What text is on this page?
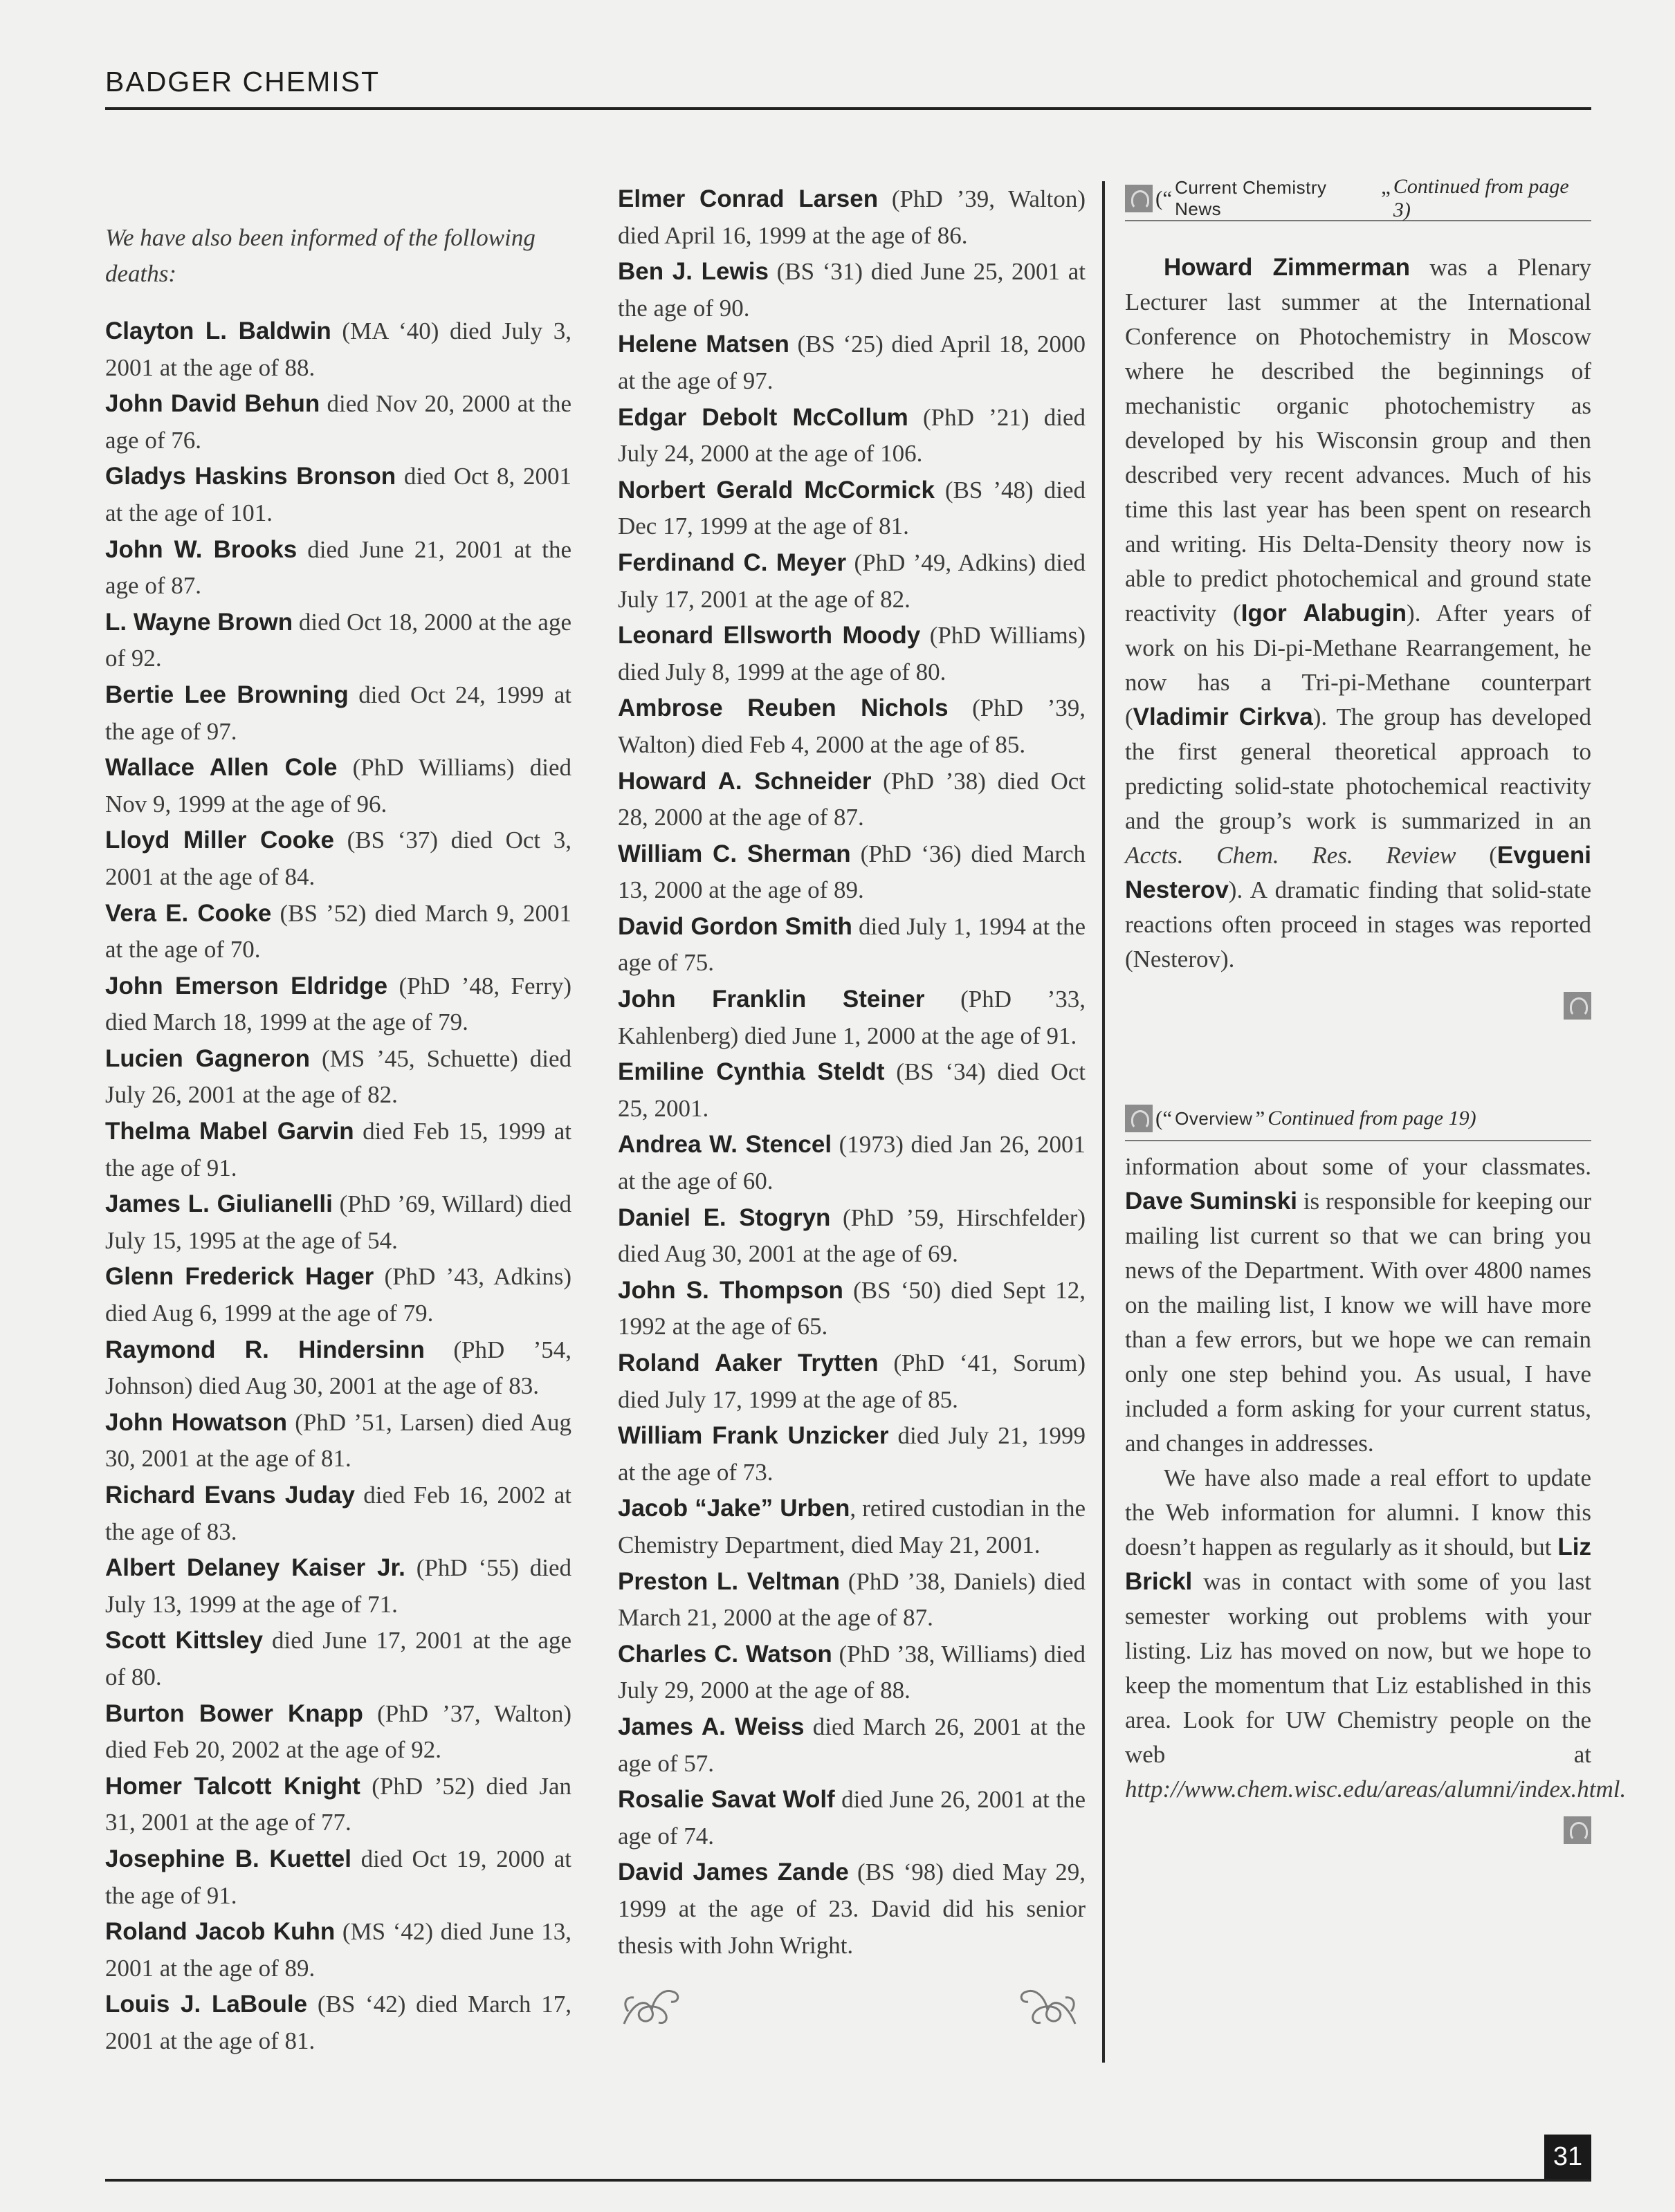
BADGER CHEMIST
We have also been informed of the following deaths:
Clayton L. Baldwin (MA ‘40) died July 3, 2001 at the age of 88.
John David Behun died Nov 20, 2000 at the age of 76.
Gladys Haskins Bronson died Oct 8, 2001 at the age of 101.
John W. Brooks died June 21, 2001 at the age of 87.
L. Wayne Brown died Oct 18, 2000 at the age of 92.
Bertie Lee Browning died Oct 24, 1999 at the age of 97.
Wallace Allen Cole (PhD Williams) died Nov 9, 1999 at the age of 96.
Lloyd Miller Cooke (BS ‘37) died Oct 3, 2001 at the age of 84.
Vera E. Cooke (BS ’52) died March 9, 2001 at the age of 70.
John Emerson Eldridge (PhD ’48, Ferry) died March 18, 1999 at the age of 79.
Lucien Gagneron (MS ’45, Schuette) died July 26, 2001 at the age of 82.
Thelma Mabel Garvin died Feb 15, 1999 at the age of 91.
James L. Giulianelli (PhD ’69, Willard) died July 15, 1995 at the age of 54.
Glenn Frederick Hager (PhD ’43, Adkins) died Aug 6, 1999 at the age of 79.
Raymond R. Hindersinn (PhD ’54, Johnson) died Aug 30, 2001 at the age of 83.
John Howatson (PhD ’51, Larsen) died Aug 30, 2001 at the age of 81.
Richard Evans Juday died Feb 16, 2002 at the age of 83.
Albert Delaney Kaiser Jr. (PhD ‘55) died July 13, 1999 at the age of 71.
Scott Kittsley died June 17, 2001 at the age of 80.
Burton Bower Knapp (PhD ’37, Walton) died Feb 20, 2002 at the age of 92.
Homer Talcott Knight (PhD ’52) died Jan 31, 2001 at the age of 77.
Josephine B. Kuettel died Oct 19, 2000 at the age of 91.
Roland Jacob Kuhn (MS ‘42) died June 13, 2001 at the age of 89.
Louis J. LaBoule (BS ‘42) died March 17, 2001 at the age of 81.
Elmer Conrad Larsen (PhD ’39, Walton) died April 16, 1999 at the age of 86.
Ben J. Lewis (BS ‘31) died June 25, 2001 at the age of 90.
Helene Matsen (BS ‘25) died April 18, 2000 at the age of 97.
Edgar Debolt McCollum (PhD ’21) died July 24, 2000 at the age of 106.
Norbert Gerald McCormick (BS ’48) died Dec 17, 1999 at the age of 81.
Ferdinand C. Meyer (PhD ’49, Adkins) died July 17, 2001 at the age of 82.
Leonard Ellsworth Moody (PhD Williams) died July 8, 1999 at the age of 80.
Ambrose Reuben Nichols (PhD ’39, Walton) died Feb 4, 2000 at the age of 85.
Howard A. Schneider (PhD ’38) died Oct 28, 2000 at the age of 87.
William C. Sherman (PhD ‘36) died March 13, 2000 at the age of 89.
David Gordon Smith died July 1, 1994 at the age of 75.
John Franklin Steiner (PhD ’33, Kahlenberg) died June 1, 2000 at the age of 91.
Emiline Cynthia Steldt (BS ‘34) died Oct 25, 2001.
Andrea W. Stencel (1973) died Jan 26, 2001 at the age of 60.
Daniel E. Stogryn (PhD ’59, Hirschfelder) died Aug 30, 2001 at the age of 69.
John S. Thompson (BS ‘50) died Sept 12, 1992 at the age of 65.
Roland Aaker Trytten (PhD ‘41, Sorum) died July 17, 1999 at the age of 85.
William Frank Unzicker died July 21, 1999 at the age of 73.
Jacob “Jake” Urben, retired custodian in the Chemistry Department, died May 21, 2001.
Preston L. Veltman (PhD ’38, Daniels) died March 21, 2000 at the age of 87.
Charles C. Watson (PhD ’38, Williams) died July 29, 2000 at the age of 88.
James A. Weiss died March 26, 2001 at the age of 57.
Rosalie Savat Wolf died June 26, 2001 at the age of 74.
David James Zande (BS ‘98) died May 29, 1999 at the age of 23. David did his senior thesis with John Wright.
(“ Current Chemistry News	” Continued from page 3)
Howard Zimmerman was a Plenary Lecturer last summer at the International Conference on Photochemistry in Moscow where he described the beginnings of mechanistic organic photochemistry as developed by his Wisconsin group and then described very recent advances. Much of his time this last year has been spent on research and writing. His Delta-Density theory now is able to predict photochemical and ground state reactivity (Igor Alabugin). After years of work on his Di-pi-Methane Rearrangement, he now has a Tri-pi-Methane counterpart (Vladimir Cirkva). The group has developed the first general theoretical approach to predicting solid-state photochemical reactivity and the group’s work is summarized in an Accts. Chem. Res. Review (Evgueni Nesterov). A dramatic finding that solid-state reactions often proceed in stages was reported (Nesterov).
(“ Overview ” Continued from page 19)
information about some of your classmates. Dave Suminski is responsible for keeping our mailing list current so that we can bring you news of the Department. With over 4800 names on the mailing list, I know we will have more than a few errors, but we hope we can remain only one step behind you. As usual, I have included a form asking for your current status, and changes in addresses.
We have also made a real effort to update the Web information for alumni. I know this doesn’t happen as regularly as it should, but Liz Brickl was in contact with some of you last semester working out problems with your listing. Liz has moved on now, but we hope to keep the momentum that Liz established in this area. Look for UW Chemistry people on the web at http://www.chem.wisc.edu/areas/alumni/index.html.
31
